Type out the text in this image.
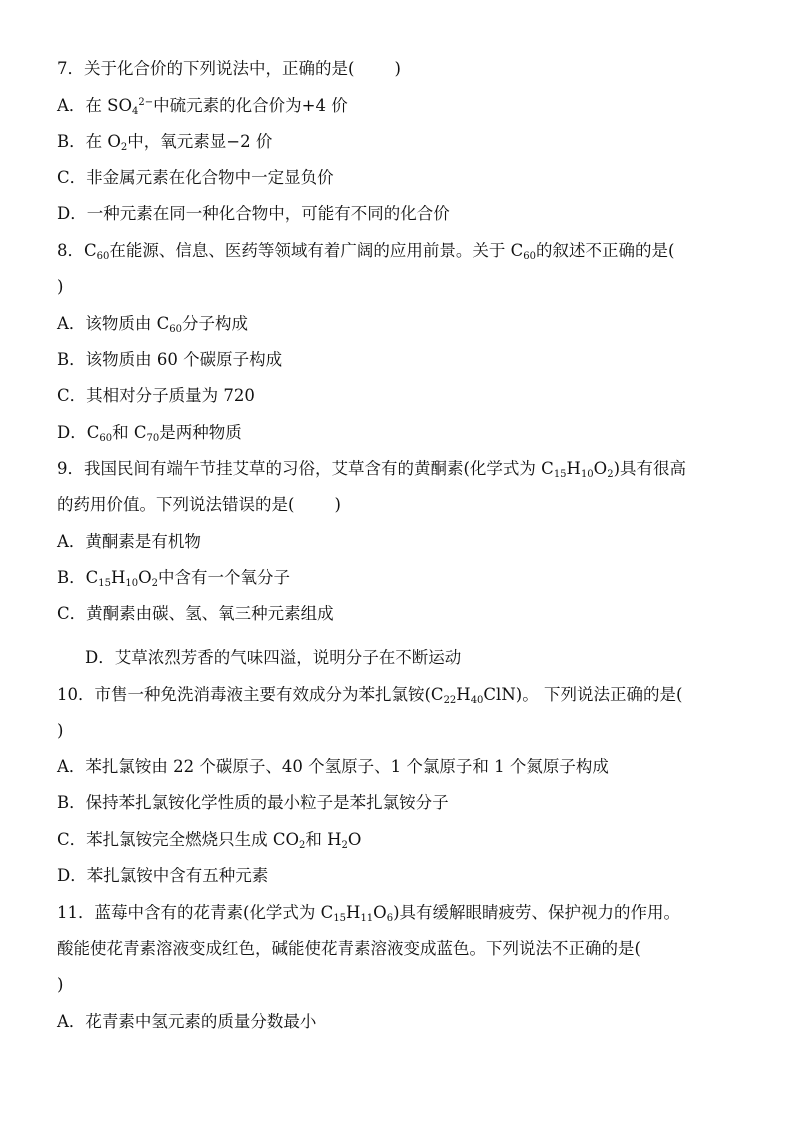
7．关于化合价的下列说法中，正确的是( )
A．在 $SO_4^{2-}$中硫元素的化合价为+4 价
B．在 $O_2$中，氧元素显−2 价
C．非金属元素在化合物中一定显负价
D．一种元素在同一种化合物中，可能有不同的化合价
8．$C_{60}$在能源、信息、医药等领域有着广阔的应用前景。关于 $C_{60}$的叙述不正确的是(
)
A．该物质由 $C_{60}$分子构成
B．该物质由 60 个碳原子构成
C．其相对分子质量为 720
D．$C_{60}$和 $C_{70}$是两种物质
9．我国民间有端午节挂艾草的习俗，艾草含有的黄酮素(化学式为 $C_{15}H_{10}O_2$)具有很高
的药用价值。下列说法错误的是( )
A．黄酮素是有机物
B．$C_{15}H_{10}O_2$中含有一个氧分子
C．黄酮素由碳、氢、氧三种元素组成
D．艾草浓烈芳香的气味四溢，说明分子在不断运动
10．市售一种免洗消毒液主要有效成分为苯扎氯铵$(C_{22}H_{40}ClN)$。 下列说法正确的是(
)
A．苯扎氯铵由 22 个碳原子、40 个氢原子、1 个氯原子和 1 个氮原子构成
B．保持苯扎氯铵化学性质的最小粒子是苯扎氯铵分子
C．苯扎氯铵完全燃烧只生成 $CO_2$和 $H_2O$
D．苯扎氯铵中含有五种元素
11．蓝莓中含有的花青素(化学式为 $C_{15}H_{11}O_6$)具有缓解眼睛疲劳、保护视力的作用。
酸能使花青素溶液变成红色，碱能使花青素溶液变成蓝色。下列说法不正确的是(
)
A．花青素中氢元素的质量分数最小
